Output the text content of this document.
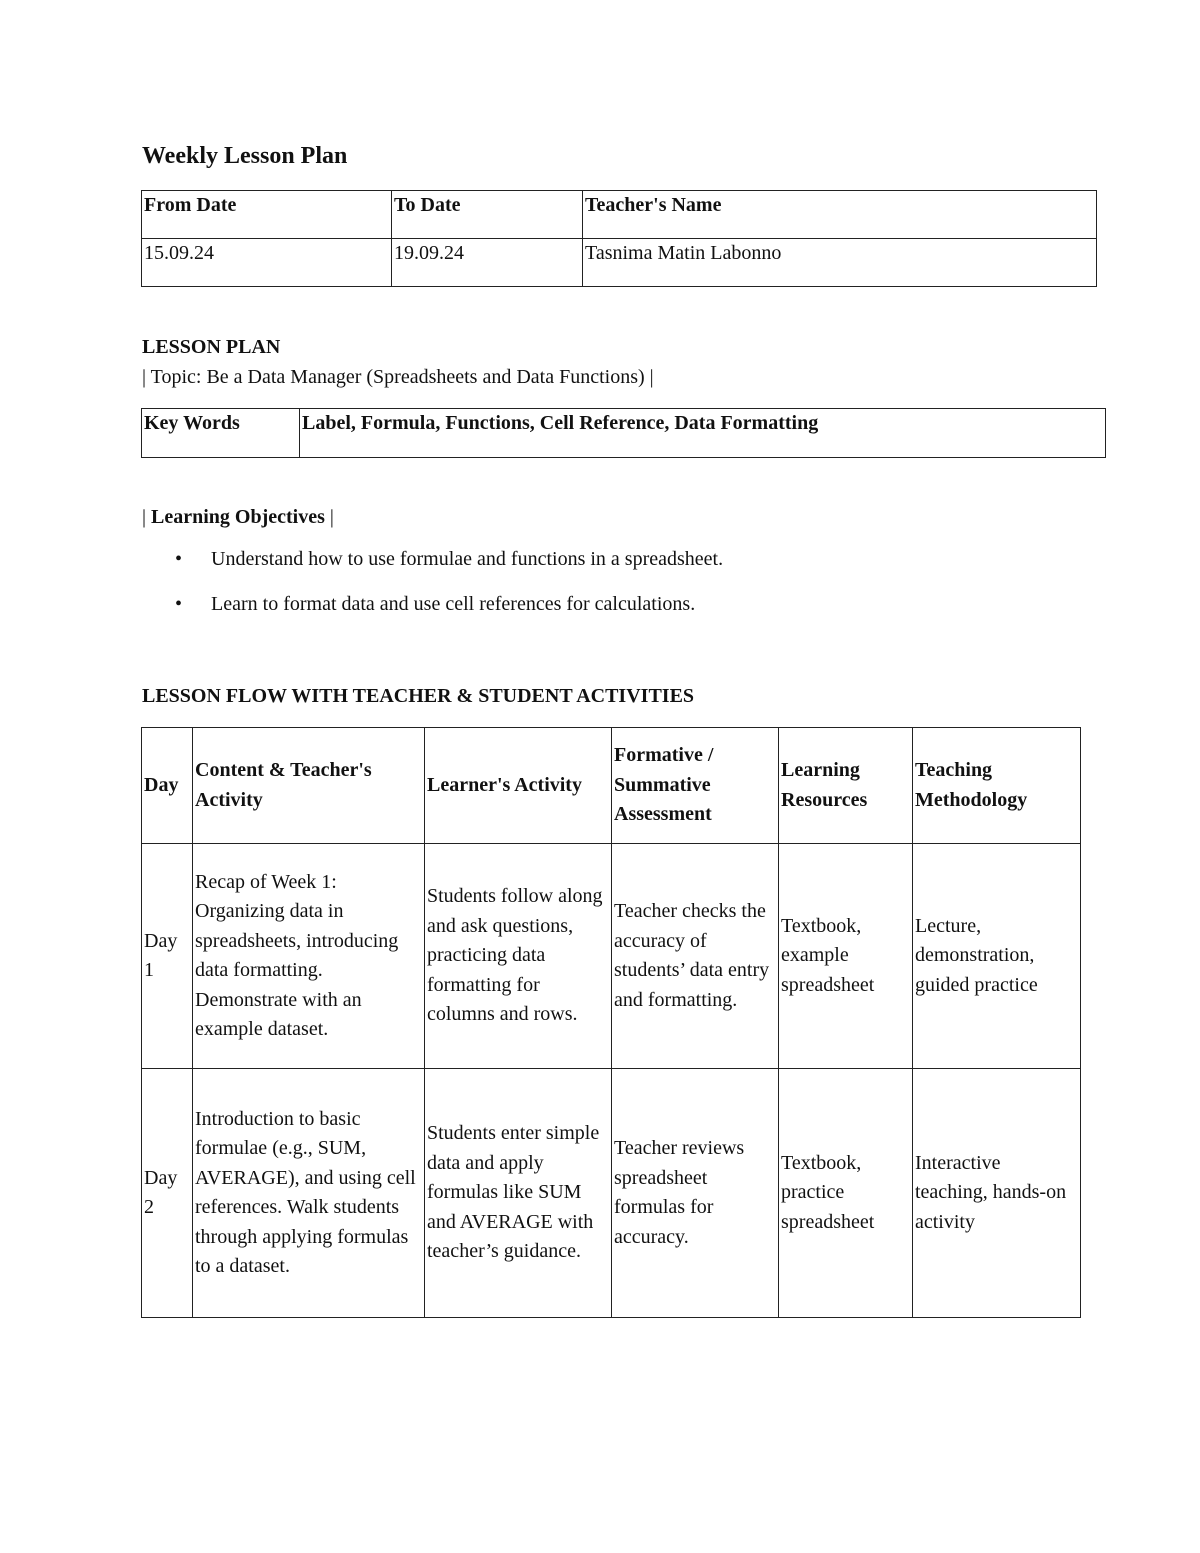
Weekly Lesson Plan
From Date	To Date	Teacher's Name
15.09.24	19.09.24	Tasnima Matin Labonno

LESSON PLAN

| Topic: Be a Data Manager (Spreadsheets and Data Functions) |

Key Words	Label, Formula, Functions, Cell Reference, Data Formatting

| Learning Objectives |

• Understand how to use formulae and functions in a spreadsheet.
• Learn to format data and use cell references for calculations.

LESSON FLOW WITH TEACHER & STUDENT ACTIVITIES

Day	Content & Teacher's Activity	Learner's Activity	Formative / Summative Assessment	Learning Resources	Teaching Methodology
Day 1	Recap of Week 1: Organizing data in spreadsheets, introducing data formatting. Demonstrate with an example dataset.	Students follow along and ask questions, practicing data formatting for columns and rows.	Teacher checks the accuracy of students’ data entry and formatting.	Textbook, example spreadsheet	Lecture, demonstration, guided practice
Day 2	Introduction to basic formulae (e.g., SUM, AVERAGE), and using cell references. Walk students through applying formulas to a dataset.	Students enter simple data and apply formulas like SUM and AVERAGE with teacher’s guidance.	Teacher reviews spreadsheet formulas for accuracy.	Textbook, practice spreadsheet	Interactive teaching, hands-on activity
